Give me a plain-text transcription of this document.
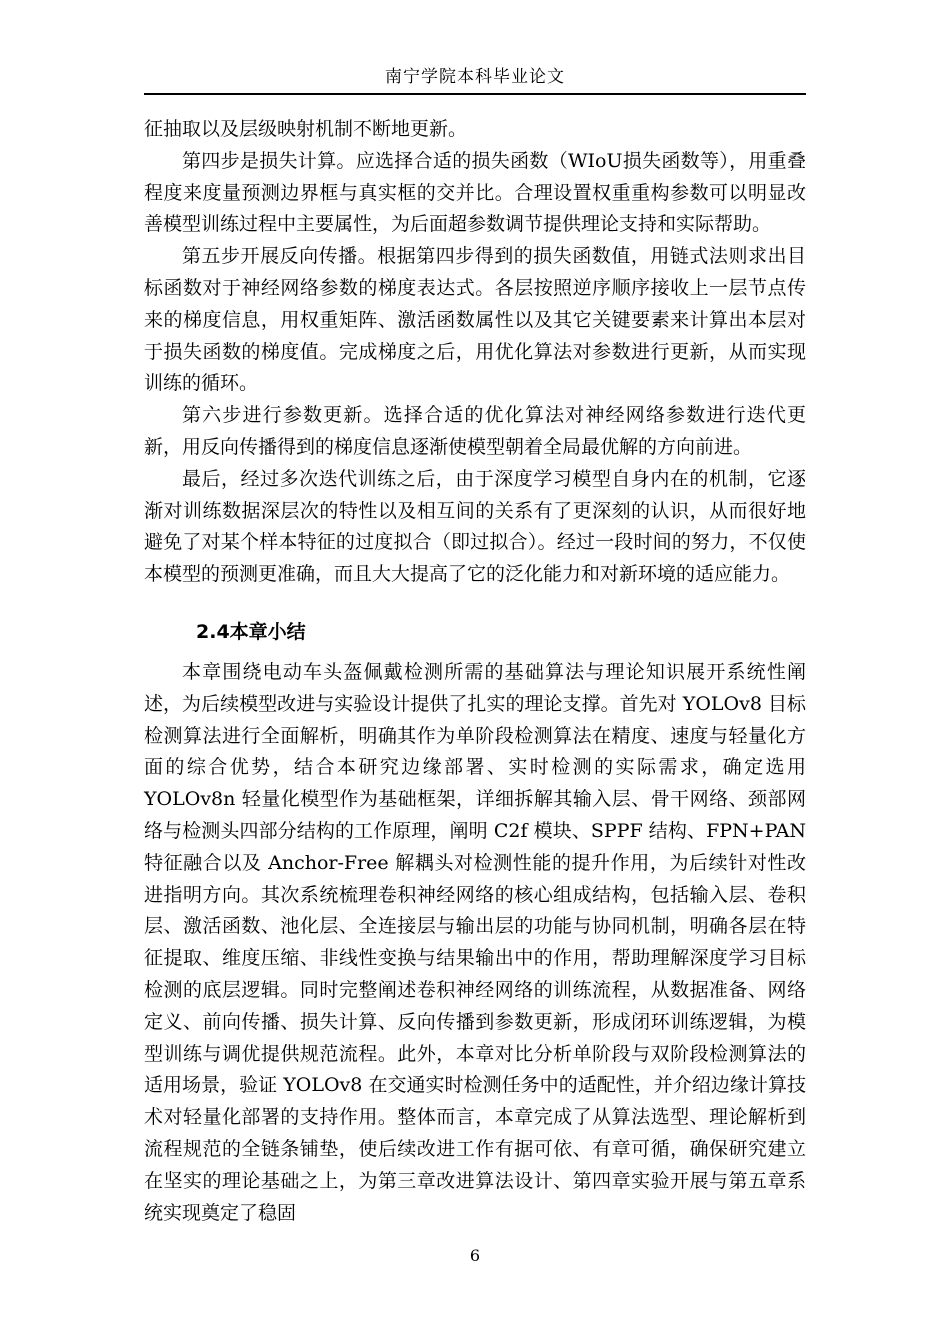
南宁学院本科毕业论文

征抽取以及层级映射机制不断地更新。

第四步是损失计算。应选择合适的损失函数（WIoU损失函数等），用重叠程度来度量预测边界框与真实框的交并比。合理设置权重重构参数可以明显改善模型训练过程中主要属性，为后面超参数调节提供理论支持和实际帮助。

第五步开展反向传播。根据第四步得到的损失函数值，用链式法则求出目标函数对于神经网络参数的梯度表达式。各层按照逆序顺序接收上一层节点传来的梯度信息，用权重矩阵、激活函数属性以及其它关键要素来计算出本层对于损失函数的梯度值。完成梯度之后，用优化算法对参数进行更新，从而实现训练的循环。

第六步进行参数更新。选择合适的优化算法对神经网络参数进行迭代更新，用反向传播得到的梯度信息逐渐使模型朝着全局最优解的方向前进。

最后，经过多次迭代训练之后，由于深度学习模型自身内在的机制，它逐渐对训练数据深层次的特性以及相互间的关系有了更深刻的认识，从而很好地避免了对某个样本特征的过度拟合（即过拟合）。经过一段时间的努力，不仅使本模型的预测更准确，而且大大提高了它的泛化能力和对新环境的适应能力。

2.4本章小结

本章围绕电动车头盔佩戴检测所需的基础算法与理论知识展开系统性阐述，为后续模型改进与实验设计提供了扎实的理论支撑。首先对 YOLOv8 目标检测算法进行全面解析，明确其作为单阶段检测算法在精度、速度与轻量化方面的综合优势，结合本研究边缘部署、实时检测的实际需求，确定选用 YOLOv8n 轻量化模型作为基础框架，详细拆解其输入层、骨干网络、颈部网络与检测头四部分结构的工作原理，阐明 C2f 模块、SPPF 结构、FPN+PAN 特征融合以及 Anchor-Free 解耦头对检测性能的提升作用，为后续针对性改进指明方向。其次系统梳理卷积神经网络的核心组成结构，包括输入层、卷积层、激活函数、池化层、全连接层与输出层的功能与协同机制，明确各层在特征提取、维度压缩、非线性变换与结果输出中的作用，帮助理解深度学习目标检测的底层逻辑。同时完整阐述卷积神经网络的训练流程，从数据准备、网络定义、前向传播、损失计算、反向传播到参数更新，形成闭环训练逻辑，为模型训练与调优提供规范流程。此外，本章对比分析单阶段与双阶段检测算法的适用场景，验证 YOLOv8 在交通实时检测任务中的适配性，并介绍边缘计算技术对轻量化部署的支持作用。整体而言，本章完成了从算法选型、理论解析到流程规范的全链条铺垫，使后续改进工作有据可依、有章可循，确保研究建立在坚实的理论基础之上，为第三章改进算法设计、第四章实验开展与第五章系统实现奠定了稳固

6
